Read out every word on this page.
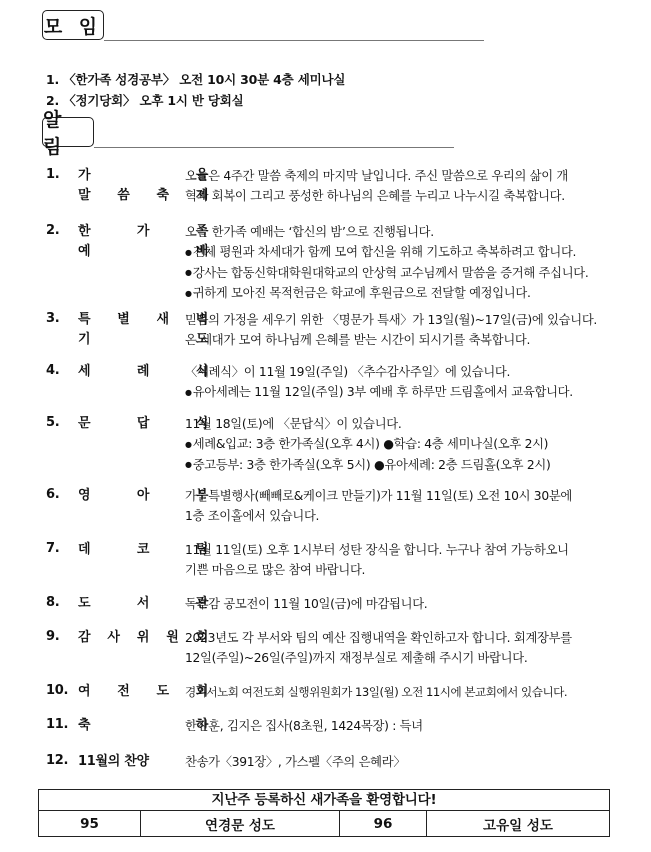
모 임
1. 〈한가족 성경공부〉 오전 10시 30분 4층 세미나실
2. 〈정기당회〉 오후 1시 반 당회실
알 림
1. 가 을
말 씀 축 제
오늘은 4주간 말씀 축제의 마지막 날입니다. 주신 말씀으로 우리의 삶이 개
혁과 회복이 그리고 풍성한 하나님의 은혜를 누리고 나누시길 축복합니다.
2. 한 가 족
예 배
오늘 한가족 예배는 ‘합신의 밤’으로 진행됩니다.
● 전체 평원과 차세대가 함께 모여 합신을 위해 기도하고 축복하려고 합니다.
● 강사는 합동신학대학원대학교의 안상혁 교수님께서 말씀을 증거해 주십니다.
● 귀하게 모아진 목적헌금은 학교에 후원금으로 전달할 예정입니다.
3. 특 별 새 벽
기 도
믿음의 가정을 세우기 위한 〈명문가 특새〉가 13일(월)~17일(금)에 있습니다.
온 세대가 모여 하나님께 은혜를 받는 시간이 되시기를 축복합니다.
4. 세 례 식
〈세례식〉이 11월 19일(주일) 〈추수감사주일〉에 있습니다.
● 유아세례는 11월 12일(주일) 3부 예배 후 하루만 드림홀에서 교육합니다.
5. 문 답 식
11월 18일(토)에 〈문답식〉이 있습니다.
● 세례&입교: 3층 한가족실(오후 4시) ●학습: 4층 세미나실(오후 2시)
● 중고등부: 3층 한가족실(오후 5시) ●유아세례: 2층 드림홀(오후 2시)
6. 영 아 부
가을특별행사(빼빼로&케이크 만들기)가 11월 11일(토) 오전 10시 30분에
1층 조이홀에서 있습니다.
7. 데 코 팀
11월 11일(토) 오후 1시부터 성탄 장식을 합니다. 누구나 참여 가능하오니
기쁜 마음으로 많은 참여 바랍니다.
8. 도 서 관
독후감 공모전이 11월 10일(금)에 마감됩니다.
9. 감 사 위 원 회
2023년도 각 부서와 팀의 예산 집행내역을 확인하고자 합니다. 회계장부를
12일(주일)~26일(주일)까지 재정부실로 제출해 주시기 바랍니다.
10. 여 전 도 회
경기서노회 여전도회 실행위원회가 13일(월) 오전 11시에 본교회에서 있습니다.
11. 축 하
한진훈, 김지은 집사(8초원, 1424목장) : 득녀
12. 11월의 찬양	찬송가〈391장〉, 가스펠〈주의 은혜라〉
지난주 등록하신 새가족을 환영합니다!
95	연경문 성도	96	고유일 성도
